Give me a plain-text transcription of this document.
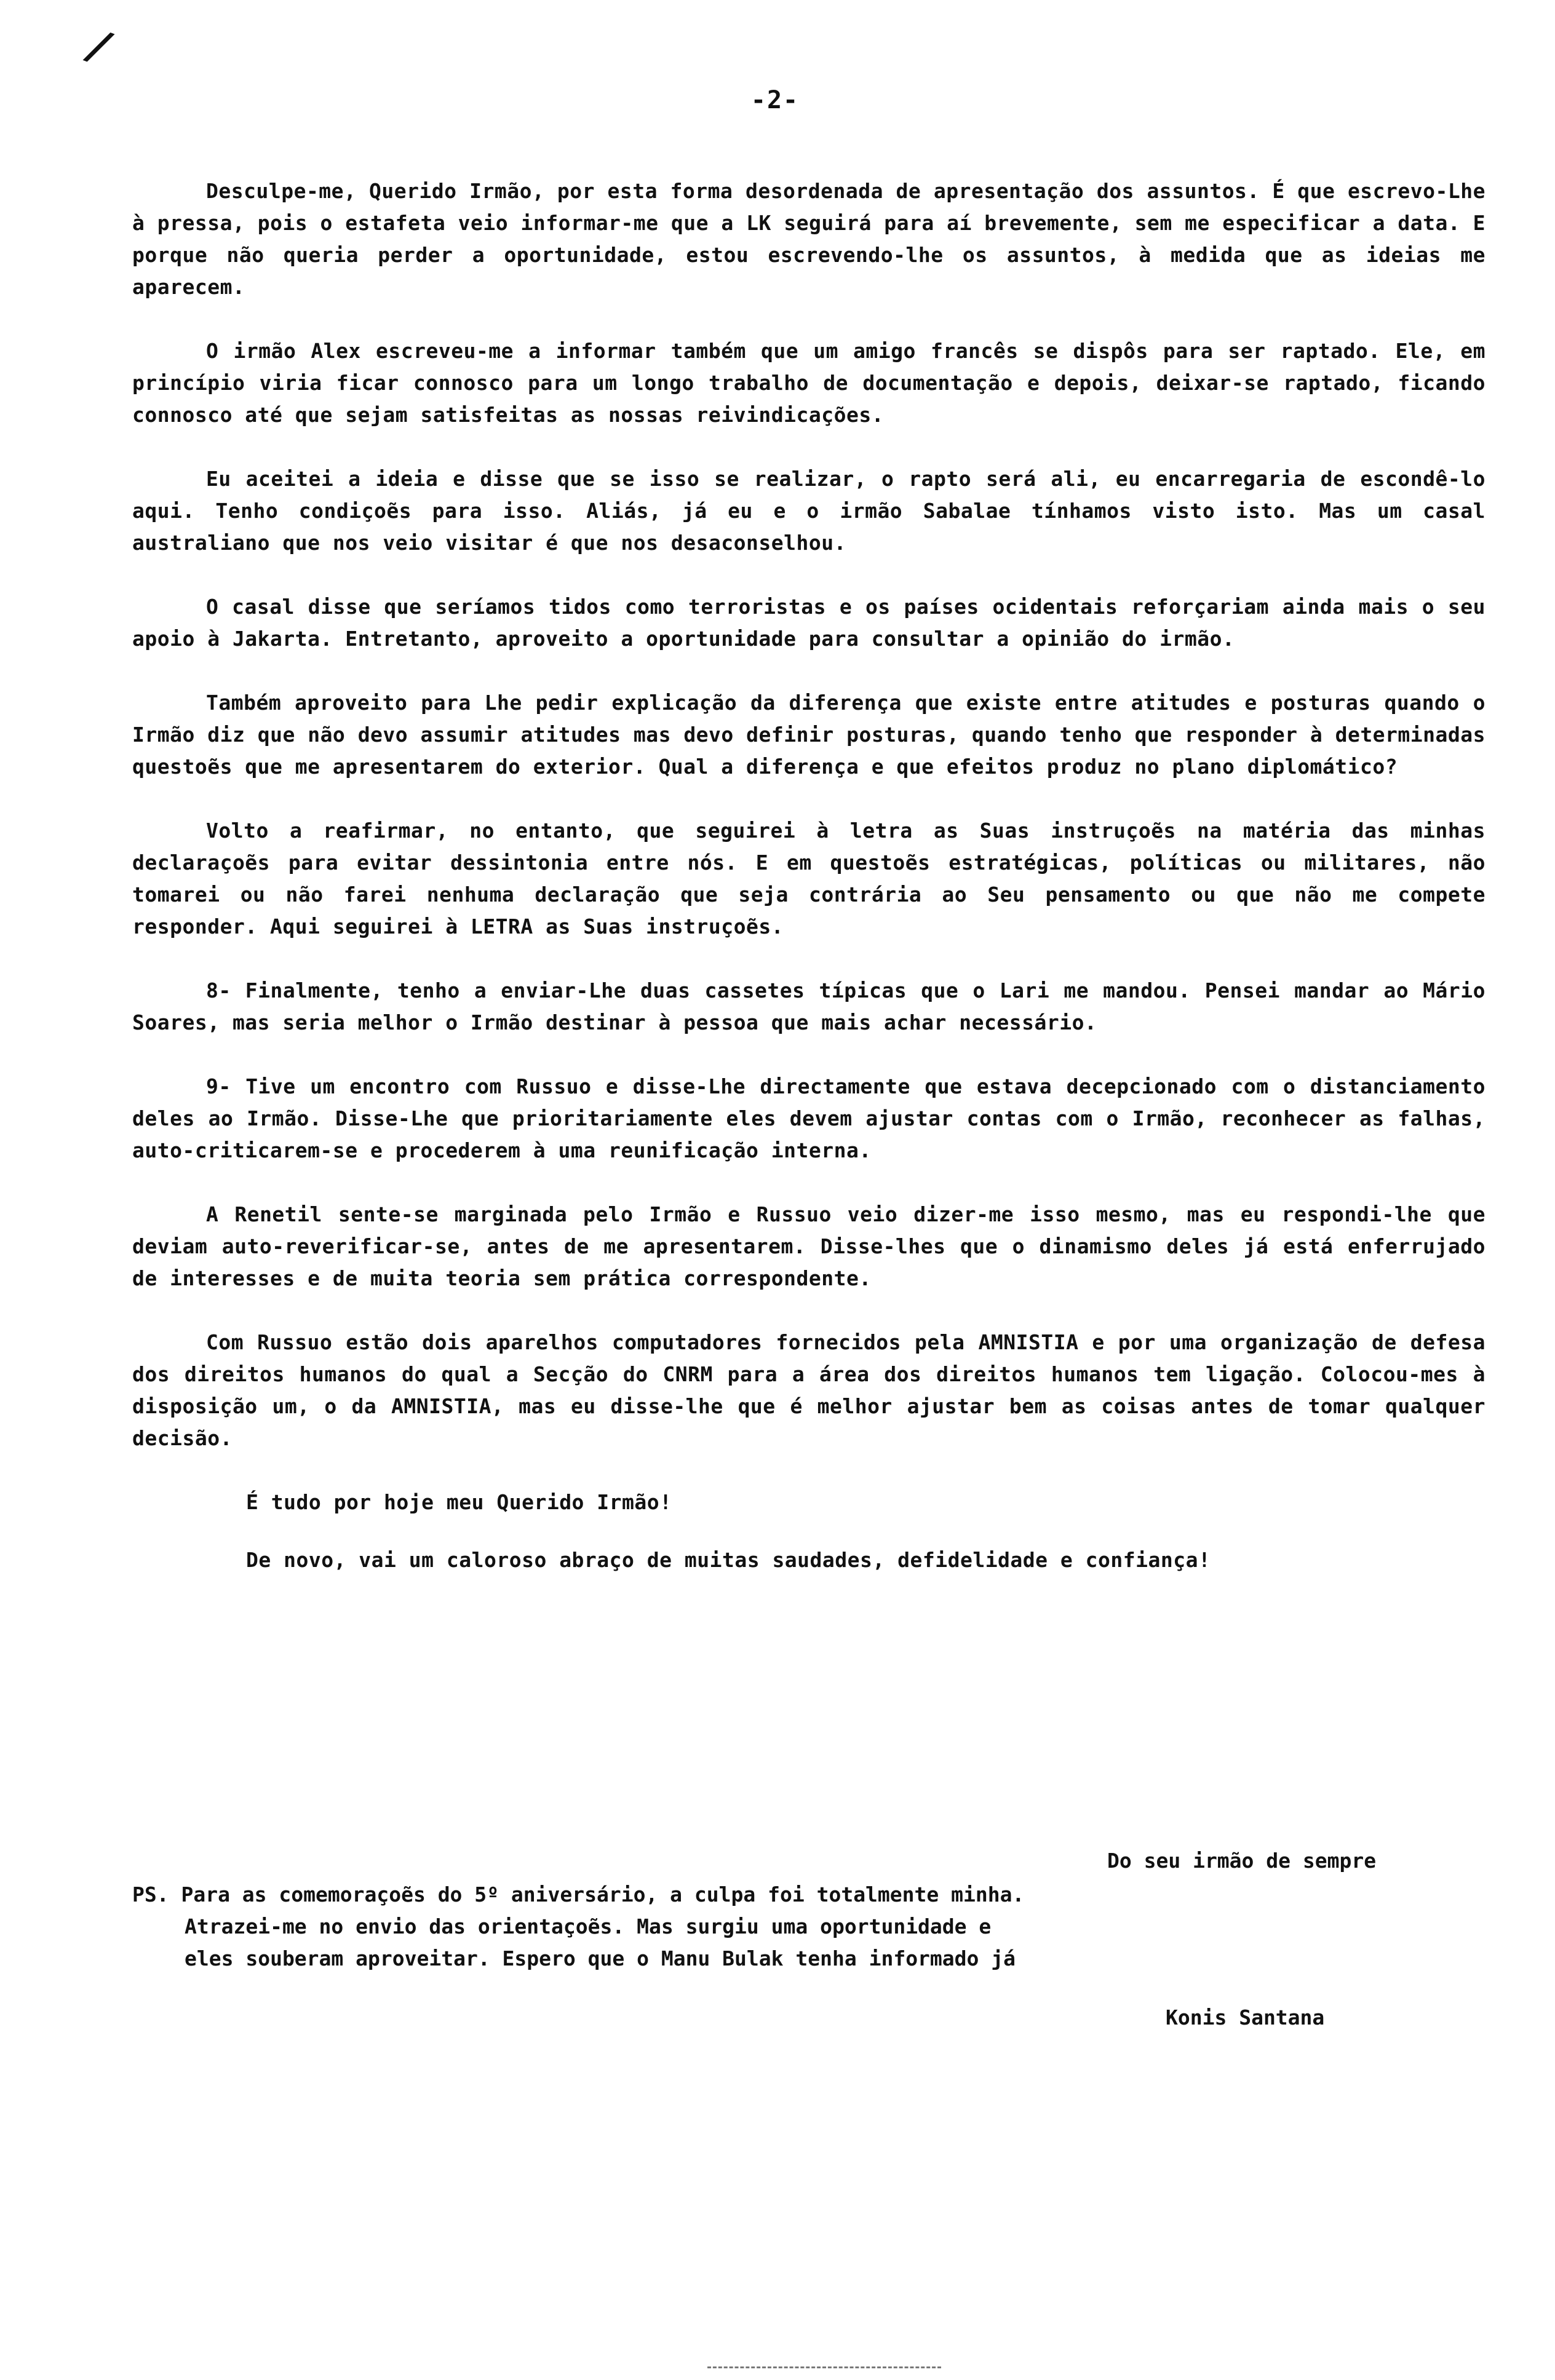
/
-2-

Desculpe-me, Querido Irmão, por esta forma desordenada de apresentação dos assuntos. É que escrevo-Lhe à pressa, pois o estafeta veio informar-me que a LK seguirá para aí brevemente, sem me especificar a data. E porque não queria perder a oportunidade, estou escrevendo-lhe os assuntos, à medida que as ideias me aparecem.

O irmão Alex escreveu-me a informar também que um amigo francês se dispôs para ser raptado. Ele, em princípio viria ficar connosco para um longo trabalho de documentação e depois, deixar-se raptado, ficando connosco até que sejam satisfeitas as nossas reivindicações.

Eu aceitei a ideia e disse que se isso se realizar, o rapto será ali, eu encarregaria de escondê-lo aqui. Tenho condiçoẽs para isso. Aliás, já eu e o irmão Sabalae tínhamos visto isto. Mas um casal australiano que nos veio visitar é que nos desaconselhou.

O casal disse que seríamos tidos como terroristas e os países ocidentais reforçariam ainda mais o seu apoio à Jakarta. Entretanto, aproveito a oportunidade para consultar a opinião do irmão.

Também aproveito para Lhe pedir explicação da diferença que existe entre atitudes e posturas quando o Irmão diz que não devo assumir atitudes mas devo definir posturas, quando tenho que responder à determinadas questoẽs que me apresentarem do exterior. Qual a diferença e que efeitos produz no plano diplomático?

Volto a reafirmar, no entanto, que seguirei à letra as Suas instruçoẽs na matéria das minhas declaraçoẽs para evitar dessintonia entre nós. E em questoẽs estratégicas, políticas ou militares, não tomarei ou não farei nenhuma declaração que seja contrária ao Seu pensamento ou que não me compete responder. Aqui seguirei à LETRA as Suas instruçoẽs.

8- Finalmente, tenho a enviar-Lhe duas cassetes típicas que o Lari me mandou. Pensei mandar ao Mário Soares, mas seria melhor o Irmão destinar à pessoa que mais achar necessário.

9- Tive um encontro com Russuo e disse-Lhe directamente que estava decepcionado com o distanciamento deles ao Irmão. Disse-Lhe que prioritariamente eles devem ajustar contas com o Irmão, reconhecer as falhas, auto-criticarem-se e procederem à uma reunificação interna.

A Renetil sente-se marginada pelo Irmão e Russuo veio dizer-me isso mesmo, mas eu respondi-lhe que deviam auto-reverificar-se, antes de me apresentarem. Disse-lhes que o dinamismo deles já está enferrujado de interesses e de muita teoria sem prática correspondente.

Com Russuo estão dois aparelhos computadores fornecidos pela AMNISTIA e por uma organização de defesa dos direitos humanos do qual a Secção do CNRM para a área dos direitos humanos tem ligação. Colocou-mes à disposição um, o da AMNISTIA, mas eu disse-lhe que é melhor ajustar bem as coisas antes de tomar qualquer decisão.

É tudo por hoje meu Querido Irmão!

De novo, vai um caloroso abraço de muitas saudades, defidelidade e confiança!

Do seu irmão de sempre
PS. Para as comemoraçoẽs do 5º aniversário, a culpa foi totalmente minha. Atrazei-me no envio das orientaçoẽs. Mas surgiu uma oportunidade e eles souberam aproveitar. Espero que o Manu Bulak tenha informado já
Konis Santana
